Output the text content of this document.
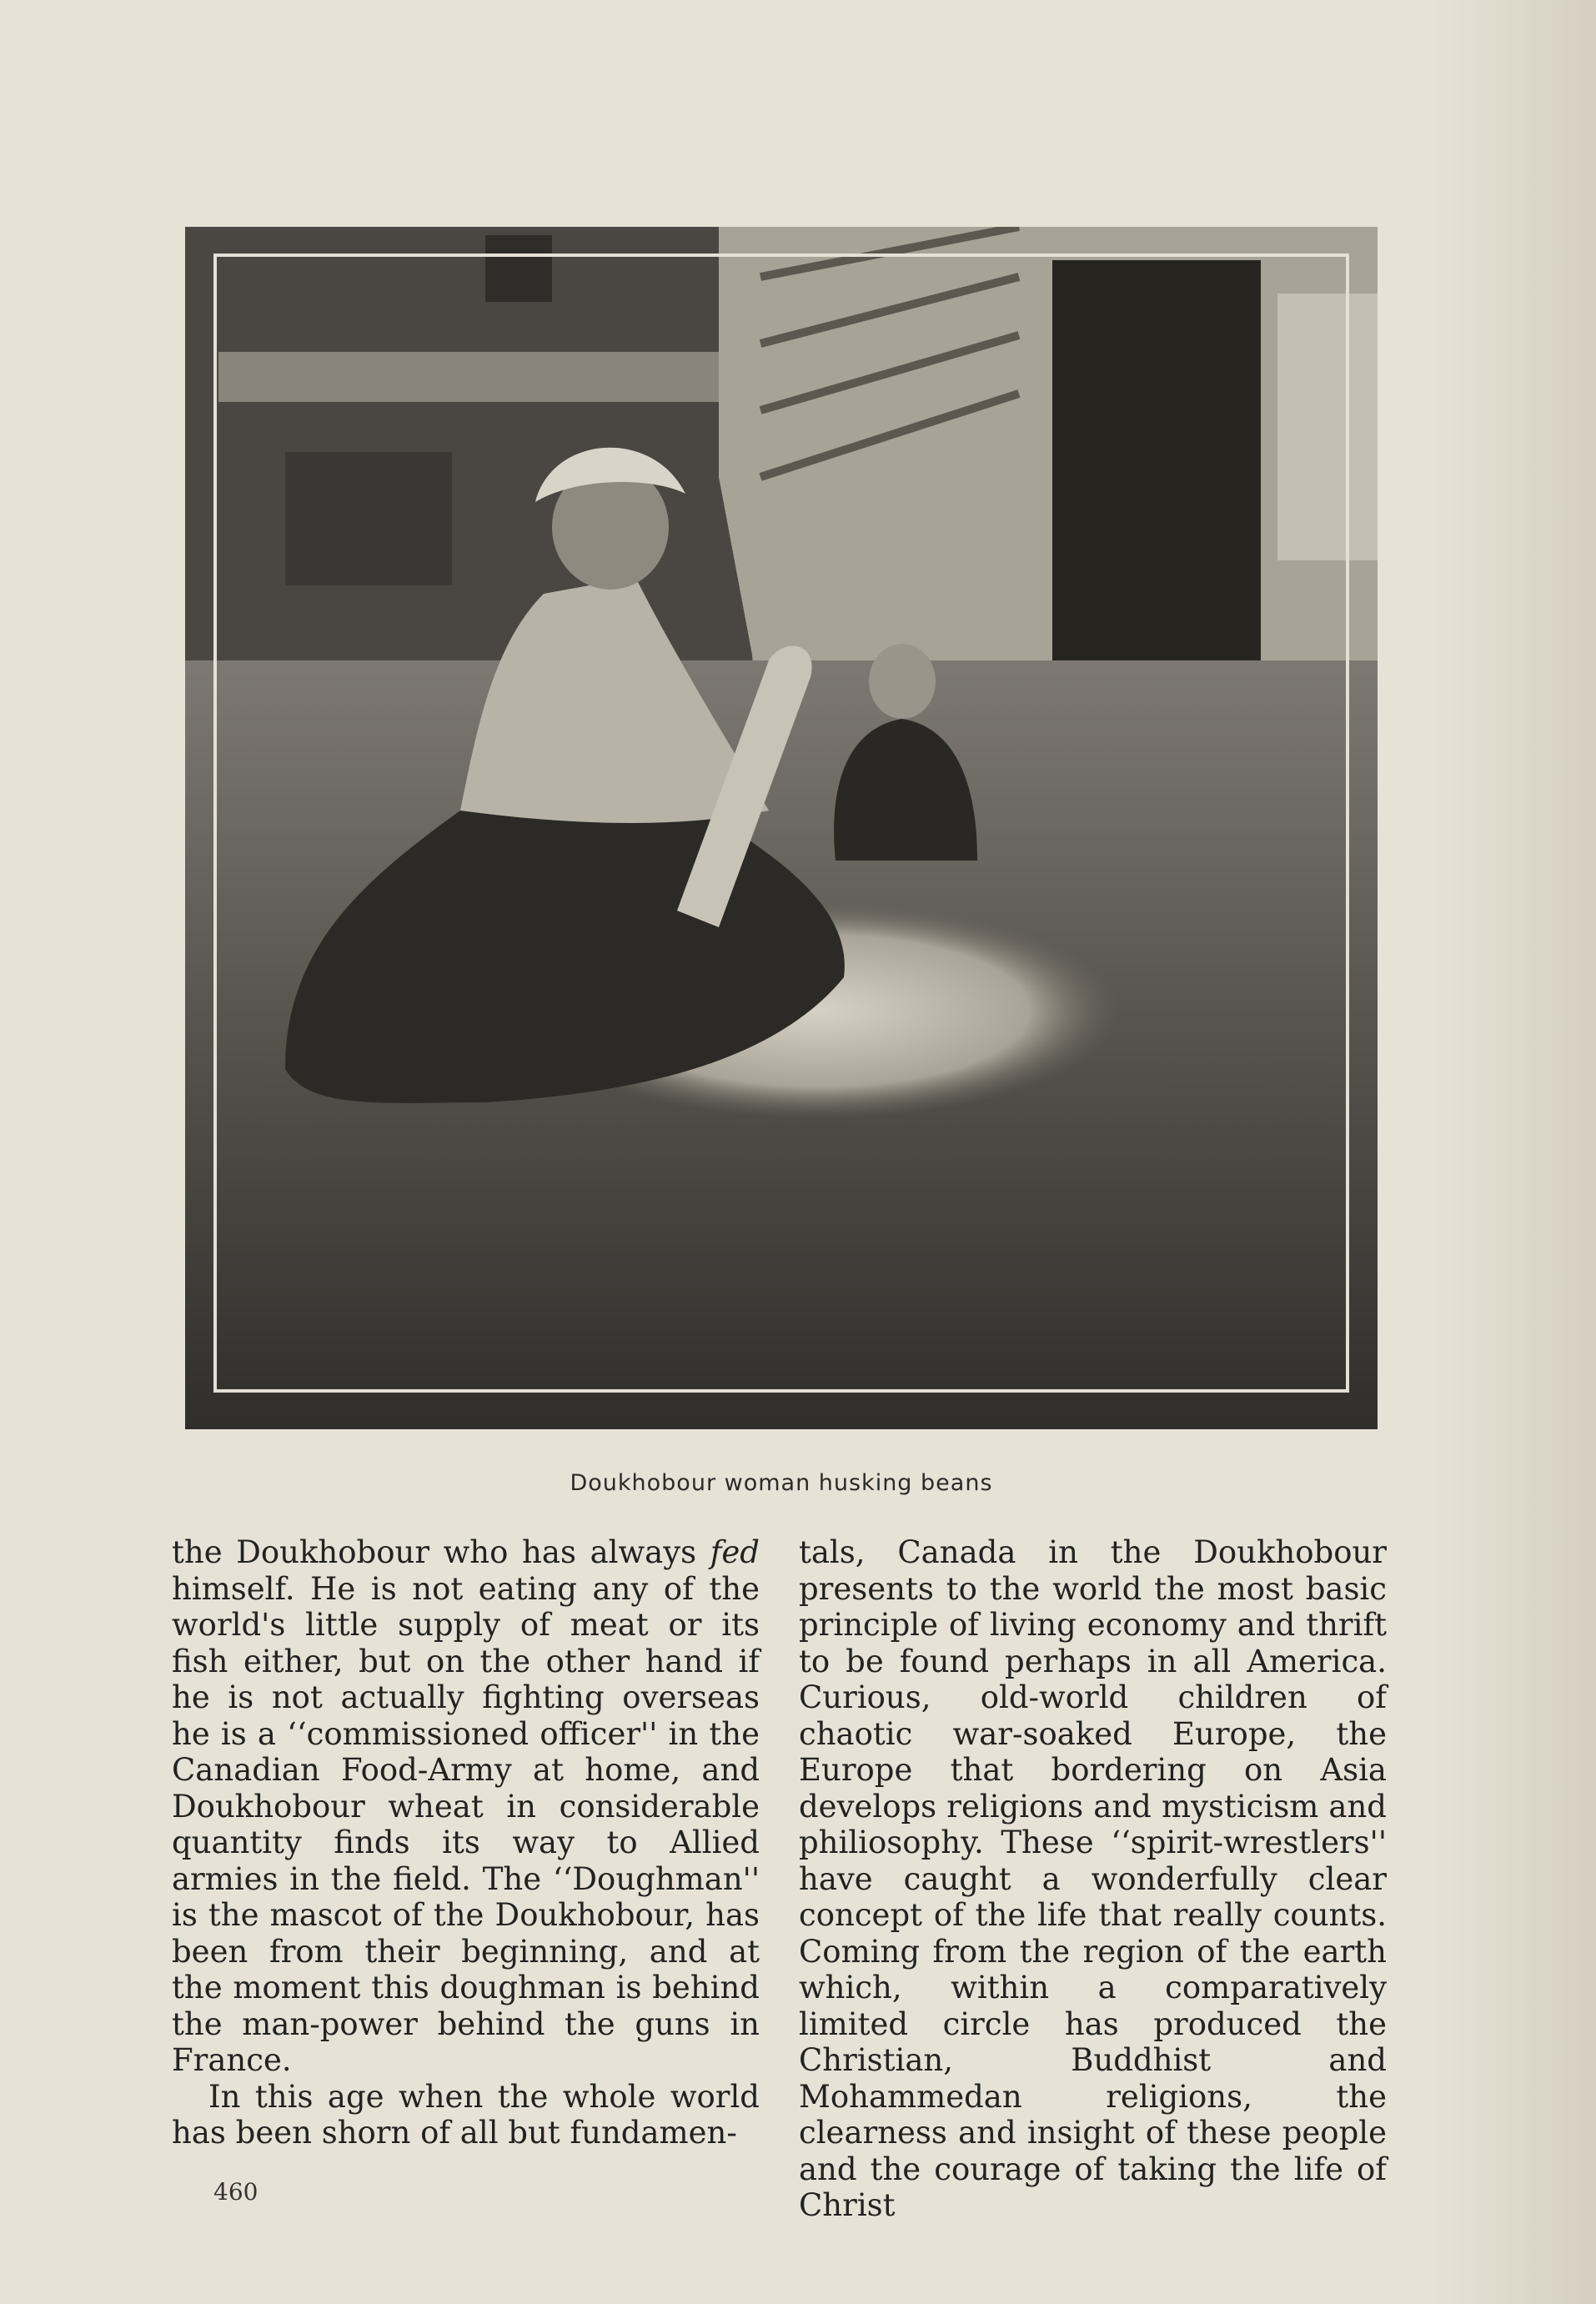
Doukhobour woman husking beans

the Doukhobour who has always fed himself. He is not eating any of the world's little supply of meat or its fish either, but on the other hand if he is not actually fighting overseas he is a ‘‘commissioned officer'' in the Canadian Food-Army at home, and Doukhobour wheat in considerable quantity finds its way to Allied armies in the field. The ‘‘Doughman'' is the mascot of the Doukhobour, has been from their beginning, and at the moment this doughman is behind the man-power behind the guns in France.

In this age when the whole world has been shorn of all but fundamen-

tals, Canada in the Doukhobour presents to the world the most basic principle of living economy and thrift to be found perhaps in all America. Curious, old-world children of chaotic war-soaked Europe, the Europe that bordering on Asia develops religions and mysticism and philiosophy. These ‘‘spirit-wrestlers'' have caught a wonderfully clear concept of the life that really counts. Coming from the region of the earth which, within a comparatively limited circle has produced the Christian, Buddhist and Mohammedan religions, the clearness and insight of these people and the courage of taking the life of Christ

460
